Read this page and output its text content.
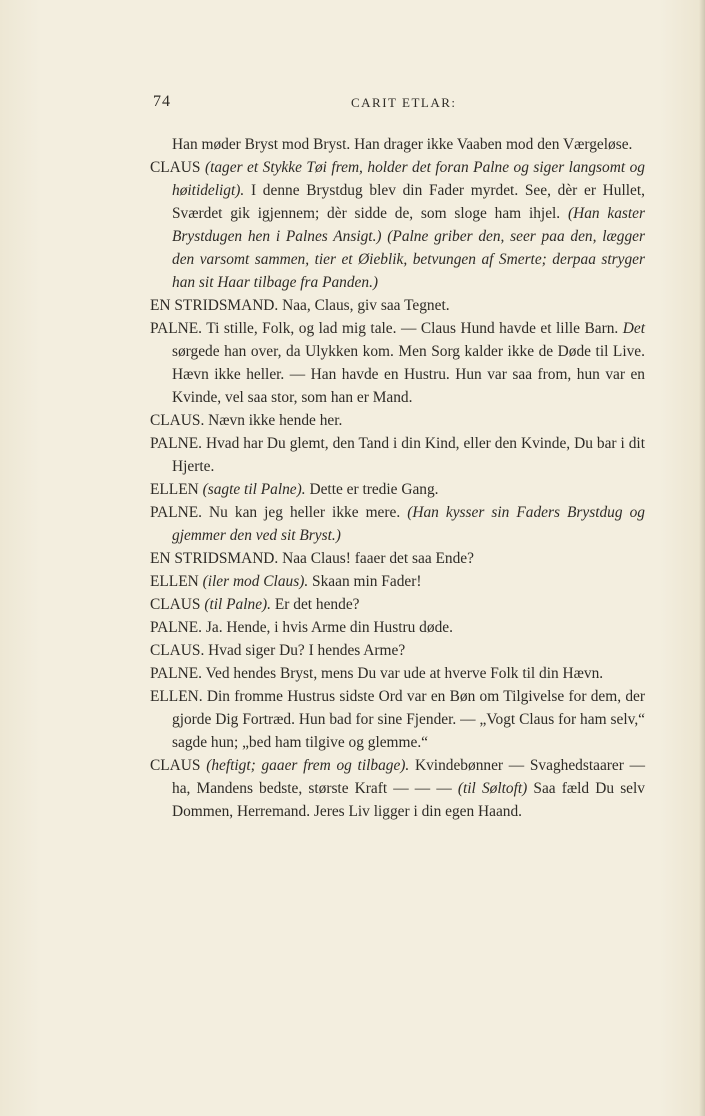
74	CARIT ETLAR:

Han møder Bryst mod Bryst. Han drager ikke Vaaben mod den Værgeløse.

CLAUS (tager et Stykke Tøi frem, holder det foran Palne og siger langsomt og høitideligt). I denne Brystdug blev din Fader myrdet. See, dèr er Hullet, Sværdet gik igjennem; dèr sidde de, som sloge ham ihjel. (Han kaster Brystdugen hen i Palnes Ansigt.) (Palne griber den, seer paa den, lægger den varsomt sammen, tier et Øieblik, betvungen af Smerte; derpaa stryger han sit Haar tilbage fra Panden.)

EN STRIDSMAND. Naa, Claus, giv saa Tegnet.

PALNE. Ti stille, Folk, og lad mig tale. — Claus Hund havde et lille Barn. Det sørgede han over, da Ulykken kom. Men Sorg kalder ikke de Døde til Live. Hævn ikke heller. — Han havde en Hustru. Hun var saa from, hun var en Kvinde, vel saa stor, som han er Mand.

CLAUS. Nævn ikke hende her.

PALNE. Hvad har Du glemt, den Tand i din Kind, eller den Kvinde, Du bar i dit Hjerte.

ELLEN (sagte til Palne). Dette er tredie Gang.

PALNE. Nu kan jeg heller ikke mere. (Han kysser sin Faders Brystdug og gjemmer den ved sit Bryst.)

EN STRIDSMAND. Naa Claus! faaer det saa Ende?

ELLEN (iler mod Claus). Skaan min Fader!

CLAUS (til Palne). Er det hende?

PALNE. Ja. Hende, i hvis Arme din Hustru døde.

CLAUS. Hvad siger Du? I hendes Arme?

PALNE. Ved hendes Bryst, mens Du var ude at hverve Folk til din Hævn.

ELLEN. Din fromme Hustrus sidste Ord var en Bøn om Tilgivelse for dem, der gjorde Dig Fortræd. Hun bad for sine Fjender. — „Vogt Claus for ham selv,“ sagde hun; „bed ham tilgive og glemme.“

CLAUS (heftigt; gaaer frem og tilbage). Kvindebønner — Svaghedstaarer — ha, Mandens bedste, største Kraft — — — (til Søltoft) Saa fæld Du selv Dommen, Herremand. Jeres Liv ligger i din egen Haand.
